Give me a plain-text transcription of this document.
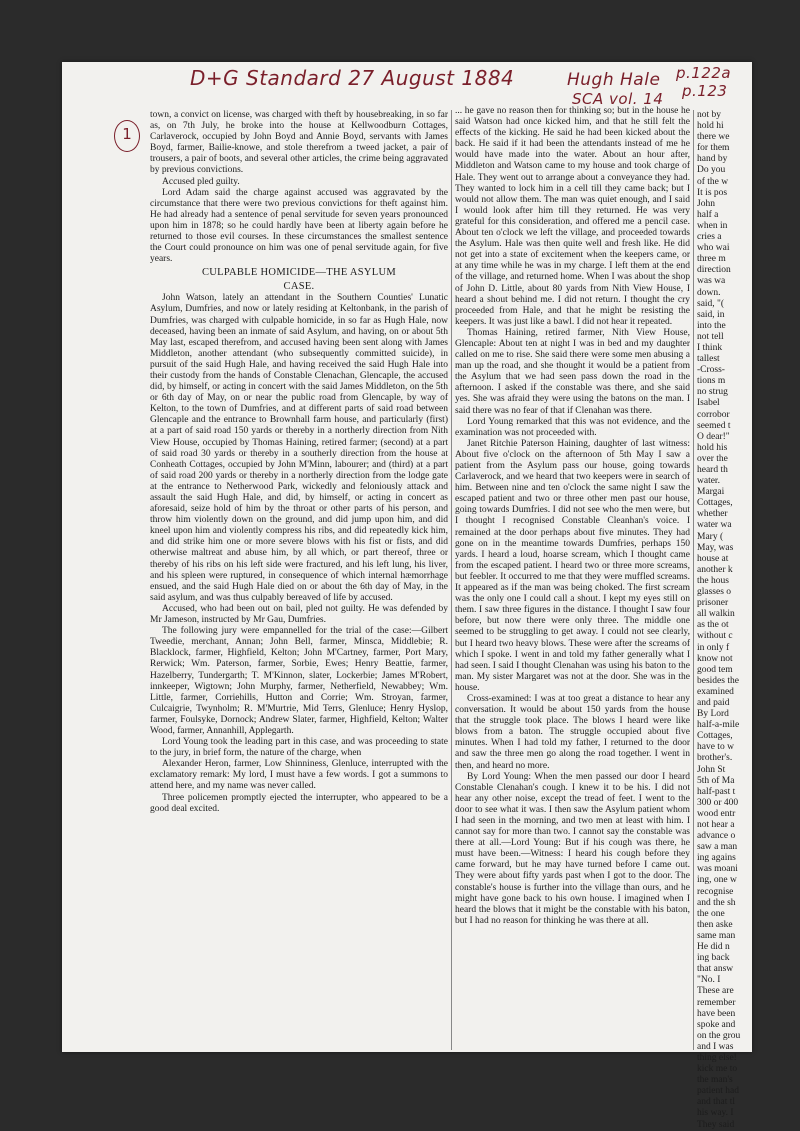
D+G Standard 27 August 1884	Hugh Hale
SCA vol. 14
p.122a
p.123
1

town, a convict on license, was charged with theft by housebreaking, in so far as, on 7th July, he broke into the house at Kellwoodburn Cottages, Carlaverock, occupied by John Boyd and Annie Boyd, servants with James Boyd, farmer, Bailie-knowe, and stole therefrom a tweed jacket, a pair of trousers, a pair of boots, and several other articles, the crime being aggravated by previous convictions.

Accused pled guilty.

Lord Adam said the charge against accused was aggravated by the circumstance that there were two previous convictions for theft against him. He had already had a sentence of penal servitude for seven years pronounced upon him in 1878; so he could hardly have been at liberty again before he returned to those evil courses. In these circumstances the smallest sentence the Court could pronounce on him was one of penal servitude again, for five years.

CULPABLE HOMICIDE—THE ASYLUM
CASE.

John Watson, lately an attendant in the Southern Counties' Lunatic Asylum, Dumfries, and now or lately residing at Keltonbank, in the parish of Dumfries, was charged with culpable homicide, in so far as Hugh Hale, now deceased, having been an inmate of said Asylum, and having, on or about 5th May last, escaped therefrom, and accused having been sent along with James Middleton, another attendant (who subsequently committed suicide), in pursuit of the said Hugh Hale, and having received the said Hugh Hale into their custody from the hands of Constable Clenachan, Glencaple, the accused did, by himself, or acting in concert with the said James Middleton, on the 5th or 6th day of May, on or near the public road from Glencaple, by way of Kelton, to the town of Dumfries, and at different parts of said road between Glencaple and the entrance to Brownhall farm house, and particularly (first) at a part of said road 150 yards or thereby in a northerly direction from Nith View House, occupied by Thomas Haining, retired farmer; (second) at a part of said road 30 yards or thereby in a southerly direction from the house at Conheath Cottages, occupied by John M'Minn, labourer; and (third) at a part of said road 200 yards or thereby in a northerly direction from the lodge gate at the entrance to Netherwood Park, wickedly and feloniously attack and assault the said Hugh Hale, and did, by himself, or acting in concert as aforesaid, seize hold of him by the throat or other parts of his person, and throw him violently down on the ground, and did jump upon him, and did kneel upon him and violently compress his ribs, and did repeatedly kick him, and did strike him one or more severe blows with his fist or fists, and did otherwise maltreat and abuse him, by all which, or part thereof, three or thereby of his ribs on his left side were fractured, and his left lung, his liver, and his spleen were ruptured, in consequence of which internal hæmorrhage ensued, and the said Hugh Hale died on or about the 6th day of May, in the said asylum, and was thus culpably bereaved of life by accused.

Accused, who had been out on bail, pled not guilty. He was defended by Mr Jameson, instructed by Mr Gau, Dumfries.

The following jury were empannelled for the trial of the case:—Gilbert Tweedie, merchant, Annan; John Bell, farmer, Minsca, Middlebie; R. Blacklock, farmer, Highfield, Kelton; John M'Cartney, farmer, Port Mary, Rerwick; Wm. Paterson, farmer, Sorbie, Ewes; Henry Beattie, farmer, Hazelberry, Tundergarth; T. M'Kinnon, slater, Lockerbie; James M'Robert, innkeeper, Wigtown; John Murphy, farmer, Netherfield, Newabbey; Wm. Little, farmer, Corriehills, Hutton and Corrie; Wm. Stroyan, farmer, Culcaigrie, Twynholm; R. M'Murtrie, Mid Terrs, Glenluce; Henry Hyslop, farmer, Foulsyke, Dornock; Andrew Slater, farmer, Highfield, Kelton; Walter Wood, farmer, Annanhill, Applegarth.

Lord Young took the leading part in this case, and was proceeding to state to the jury, in brief form, the nature of the charge, when

Alexander Heron, farmer, Low Shinniness, Glenluce, interrupted with the exclamatory remark: My lord, I must have a few words. I got a summons to attend here, and my name was never called.

Three policemen promptly ejected the interrupter, who appeared to be a good deal excited.

... he gave no reason then for thinking so; but in the house he said Watson had once kicked him, and that he still felt the effects of the kicking. He said he had been kicked about the back. He said if it had been the attendants instead of me he would have made into the water. About an hour after, Middleton and Watson came to my house and took charge of Hale. They went out to arrange about a conveyance they had. They wanted to lock him in a cell till they came back; but I would not allow them. The man was quiet enough, and I said I would look after him till they returned. He was very grateful for this consideration, and offered me a pencil case. About ten o'clock we left the village, and proceeded towards the Asylum. Hale was then quite well and fresh like. He did not get into a state of excitement when the keepers came, or at any time while he was in my charge. I left them at the end of the village, and returned home. When I was about the shop of John D. Little, about 80 yards from Nith View House, I heard a shout behind me. I did not return. I thought the cry proceeded from Hale, and that he might be resisting the keepers. It was just like a bawl. I did not hear it repeated.

Thomas Haining, retired farmer, Nith View House, Glencaple: About ten at night I was in bed and my daughter called on me to rise. She said there were some men abusing a man up the road, and she thought it would be a patient from the Asylum that we had seen pass down the road in the afternoon. I asked if the constable was there, and she said yes. She was afraid they were using the batons on the man. I said there was no fear of that if Clenahan was there.

Lord Young remarked that this was not evidence, and the examination was not proceeded with.

Janet Ritchie Paterson Haining, daughter of last witness: About five o'clock on the afternoon of 5th May I saw a patient from the Asylum pass our house, going towards Carlaverock, and we heard that two keepers were in search of him. Between nine and ten o'clock the same night I saw the escaped patient and two or three other men past our house, going towards Dumfries. I did not see who the men were, but I thought I recognised Constable Cleanhan's voice. I remained at the door perhaps about five minutes. They had gone on in the meantime towards Dumfries, perhaps 150 yards. I heard a loud, hoarse scream, which I thought came from the escaped patient. I heard two or three more screams, but feebler. It occurred to me that they were muffled screams. It appeared as if the man was being choked. The first scream was the only one I could call a shout. I kept my eyes still on them. I saw three figures in the distance. I thought I saw four before, but now there were only three. The middle one seemed to be struggling to get away. I could not see clearly, but I heard two heavy blows. These were after the screams of which I spoke. I went in and told my father generally what I had seen. I said I thought Clenahan was using his baton to the man. My sister Margaret was not at the door. She was in the house.

Cross-examined: I was at too great a distance to hear any conversation. It would be about 150 yards from the house that the struggle took place. The blows I heard were like blows from a baton. The struggle occupied about five minutes. When I had told my father, I returned to the door and saw the three men go along the road together. I went in then, and heard no more.

By Lord Young: When the men passed our door I heard Constable Clenahan's cough. I knew it to be his. I did not hear any other noise, except the tread of feet. I went to the door to see what it was. I then saw the Asylum patient whom I had seen in the morning, and two men at least with him. I cannot say for more than two. I cannot say the constable was there at all.—Lord Young: But if his cough was there, he must have been.—Witness: I heard his cough before they came forward, but he may have turned before I came out. They were about fifty yards past when I got to the door. The constable's house is further into the village than ours, and he might have gone back to his own house. I imagined when I heard the blows that it might be the constable with his baton, but I had no reason for thinking he was there at all.

not by

hold hi

there we

for them

hand by

Do you

of the w

It is pos

John

half a

when in

cries a

who wai

three m

direction

was wa

down.

said, "(

said, in

into the

not tell

I think

tallest

-Cross-

tions m

no strug

Isabel

corrobor

seemed t

O dear!"

hold his

over the

heard th

water.

Margai

Cottages,

whether

water wa

Mary (

May, was

house at

another k

the hous

glasses o

prisoner

all walkin

as the ot

without c

in only f

know not

good tem

besides the

examined

and paid

By Lord

half-a-mile

Cottages,

have to w

brother's.

John St

5th of Ma

half-past t

300 or 400

wood entr

not hear a

advance o

saw a man

ing agains

was moani

ing, one w

recognise

and the sh

the one

then aske

same man

He did n

ing back

that answ

"No. I

These are

remember

have been

spoke and

on the grou

and I was

thing else!

kick me to

the man's

patient had

and that tl

his way. I

They said
